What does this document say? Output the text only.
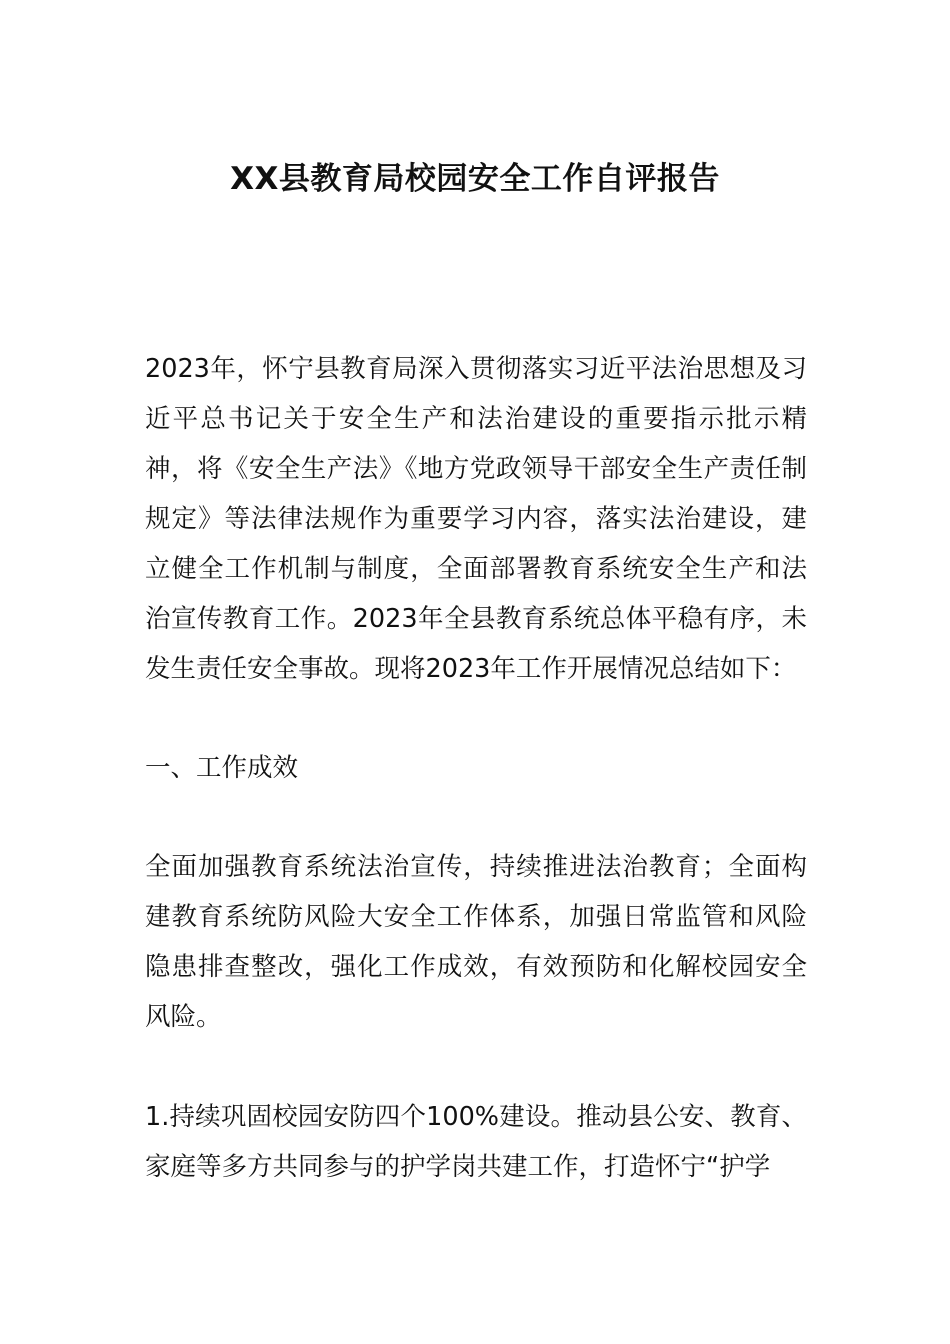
XX县教育局校园安全工作自评报告

2023年，怀宁县教育局深入贯彻落实习近平法治思想及习近平总书记关于安全生产和法治建设的重要指示批示精神，将《安全生产法》《地方党政领导干部安全生产责任制规定》等法律法规作为重要学习内容，落实法治建设，建立健全工作机制与制度，全面部署教育系统安全生产和法治宣传教育工作。2023年全县教育系统总体平稳有序，未发生责任安全事故。现将2023年工作开展情况总结如下：

一、工作成效

全面加强教育系统法治宣传，持续推进法治教育；全面构建教育系统防风险大安全工作体系，加强日常监管和风险隐患排查整改，强化工作成效，有效预防和化解校园安全风险。

1.持续巩固校园安防四个100%建设。推动县公安、教育、家庭等多方共同参与的护学岗共建工作，打造怀宁“护学
